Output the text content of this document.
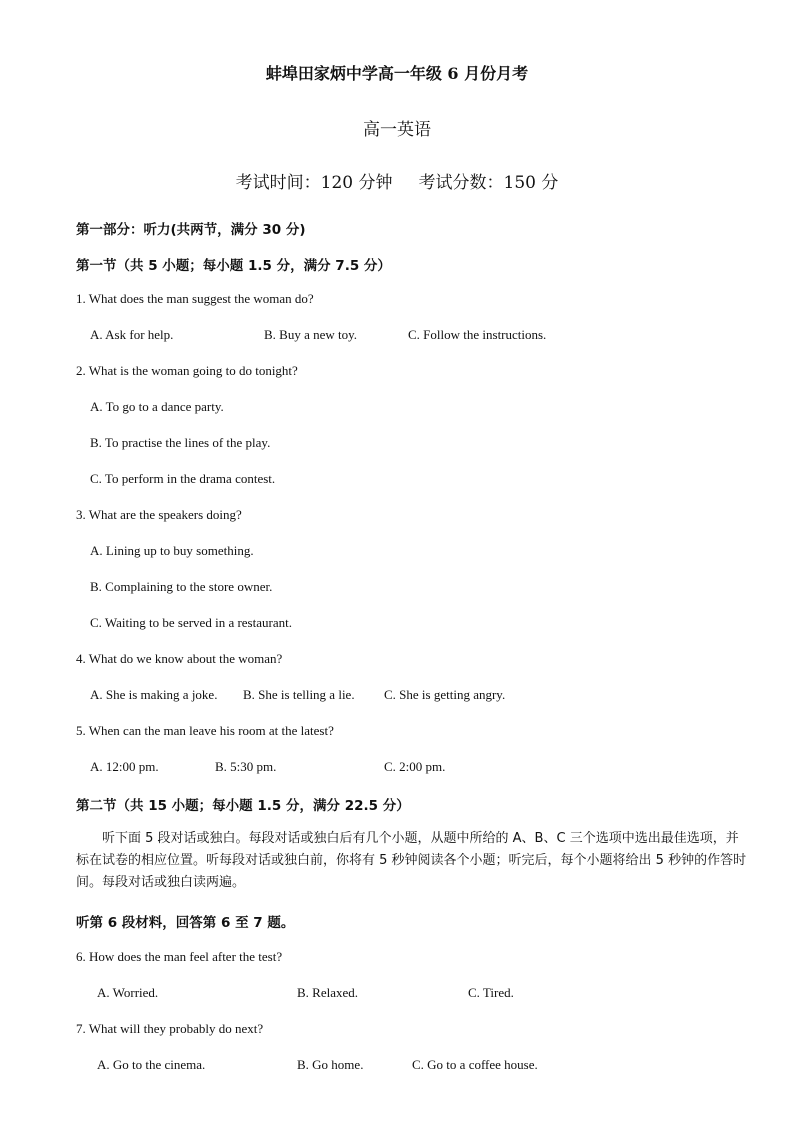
蚌埠田家炳中学高一年级 6 月份月考
高一英语
考试时间：120 分钟 考试分数：150 分
第一部分：听力(共两节，满分 30 分)
第一节（共 5 小题；每小题 1.5 分，满分 7.5 分）
1. What does the man suggest the woman do?
A. Ask for help.	B. Buy a new toy.	C. Follow the instructions.
2. What is the woman going to do tonight?
A. To go to a dance party.
B. To practise the lines of the play.
C. To perform in the drama contest.
3. What are the speakers doing?
A. Lining up to buy something.
B. Complaining to the store owner.
C. Waiting to be served in a restaurant.
4. What do we know about the woman?
A. She is making a joke. B. She is telling a lie. C. She is getting angry.
5. When can the man leave his room at the latest?
A. 12:00 pm.	B. 5:30 pm.	C. 2:00 pm.
第二节（共 15 小题；每小题 1.5 分，满分 22.5 分）
听下面 5 段对话或独白。每段对话或独白后有几个小题，从题中所给的 A、B、C 三个选项中选出最佳选项，并标在试卷的相应位置。听每段对话或独白前，你将有 5 秒钟阅读各个小题；听完后，每个小题将给出 5 秒钟的作答时间。每段对话或独白读两遍。
听第 6 段材料，回答第 6 至 7 题。
6. How does the man feel after the test?
A. Worried.	B. Relaxed.	C. Tired.
7. What will they probably do next?
A. Go to the cinema.	B. Go home.	C. Go to a coffee house.
